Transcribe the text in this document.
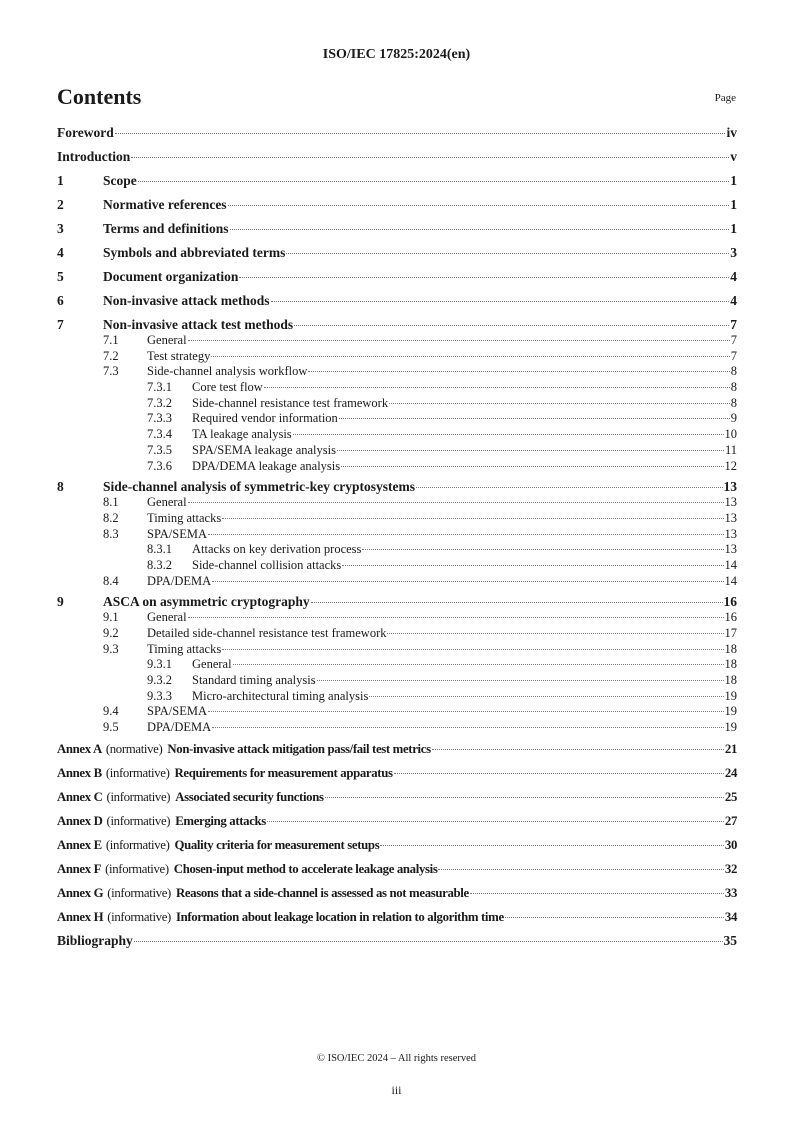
ISO/IEC 17825:2024(en)
Contents	Page
Foreword	iv
Introduction	v
1	Scope	1
2	Normative references	1
3	Terms and definitions	1
4	Symbols and abbreviated terms	3
5	Document organization	4
6	Non-invasive attack methods	4
7	Non-invasive attack test methods	7
7.1	General	7
7.2	Test strategy	7
7.3	Side-channel analysis workflow	8
7.3.1	Core test flow	8
7.3.2	Side-channel resistance test framework	8
7.3.3	Required vendor information	9
7.3.4	TA leakage analysis	10
7.3.5	SPA/SEMA leakage analysis	11
7.3.6	DPA/DEMA leakage analysis	12
8	Side-channel analysis of symmetric-key cryptosystems	13
8.1	General	13
8.2	Timing attacks	13
8.3	SPA/SEMA	13
8.3.1	Attacks on key derivation process	13
8.3.2	Side-channel collision attacks	14
8.4	DPA/DEMA	14
9	ASCA on asymmetric cryptography	16
9.1	General	16
9.2	Detailed side-channel resistance test framework	17
9.3	Timing attacks	18
9.3.1	General	18
9.3.2	Standard timing analysis	18
9.3.3	Micro-architectural timing analysis	19
9.4	SPA/SEMA	19
9.5	DPA/DEMA	19
Annex A (normative) Non-invasive attack mitigation pass/fail test metrics	21
Annex B (informative) Requirements for measurement apparatus	24
Annex C (informative) Associated security functions	25
Annex D (informative) Emerging attacks	27
Annex E (informative) Quality criteria for measurement setups	30
Annex F (informative) Chosen-input method to accelerate leakage analysis	32
Annex G (informative) Reasons that a side-channel is assessed as not measurable	33
Annex H (informative) Information about leakage location in relation to algorithm time	34
Bibliography	35
© ISO/IEC 2024 – All rights reserved
iii
